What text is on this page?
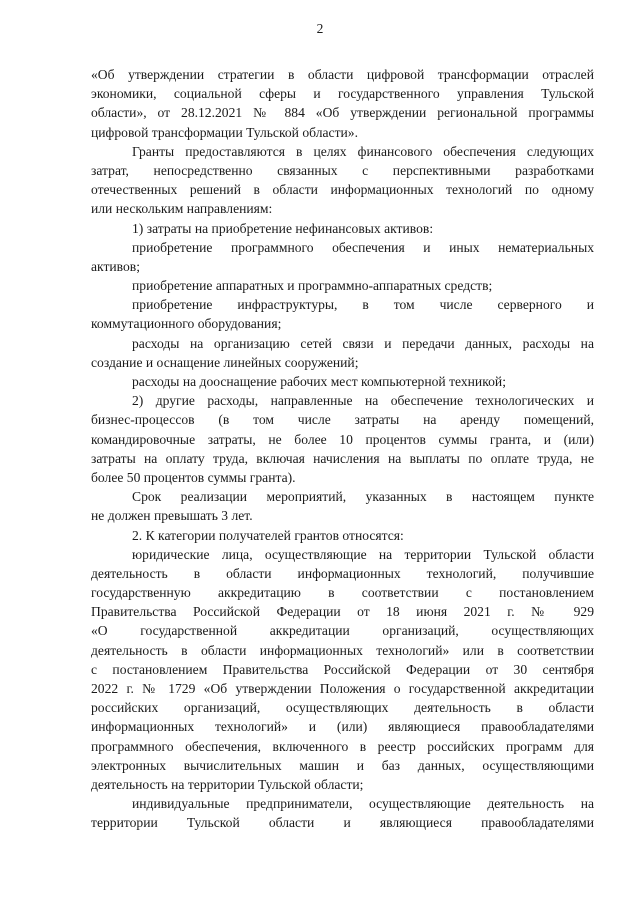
2
«Об утверждении стратегии в области цифровой трансформации отраслей
экономики, социальной сферы и государственного управления Тульской
области», от 28.12.2021 № 884 «Об утверждении региональной программы
цифровой трансформации Тульской области».
Гранты предоставляются в целях финансового обеспечения следующих
затрат, непосредственно связанных с перспективными разработками
отечественных решений в области информационных технологий по одному
или нескольким направлениям:
1) затраты на приобретение нефинансовых активов:
приобретение программного обеспечения и иных нематериальных
активов;
приобретение аппаратных и программно-аппаратных средств;
приобретение инфраструктуры, в том числе серверного и
коммутационного оборудования;
расходы на организацию сетей связи и передачи данных, расходы на
создание и оснащение линейных сооружений;
расходы на дооснащение рабочих мест компьютерной техникой;
2) другие расходы, направленные на обеспечение технологических и
бизнес-процессов (в том числе затраты на аренду помещений,
командировочные затраты, не более 10 процентов суммы гранта, и (или)
затраты на оплату труда, включая начисления на выплаты по оплате труда, не
более 50 процентов суммы гранта).
Срок реализации мероприятий, указанных в настоящем пункте
не должен превышать 3 лет.
2. К категории получателей грантов относятся:
юридические лица, осуществляющие на территории Тульской области
деятельность в области информационных технологий, получившие
государственную аккредитацию в соответствии с постановлением
Правительства Российской Федерации от 18 июня 2021 г. № 929
«О государственной аккредитации организаций, осуществляющих
деятельность в области информационных технологий» или в соответствии
с постановлением Правительства Российской Федерации от 30 сентября
2022 г. № 1729 «Об утверждении Положения о государственной аккредитации
российских организаций, осуществляющих деятельность в области
информационных технологий» и (или) являющиеся правообладателями
программного обеспечения, включенного в реестр российских программ для
электронных вычислительных машин и баз данных, осуществляющими
деятельность на территории Тульской области;
индивидуальные предприниматели, осуществляющие деятельность на
территории Тульской области и являющиеся правообладателями
